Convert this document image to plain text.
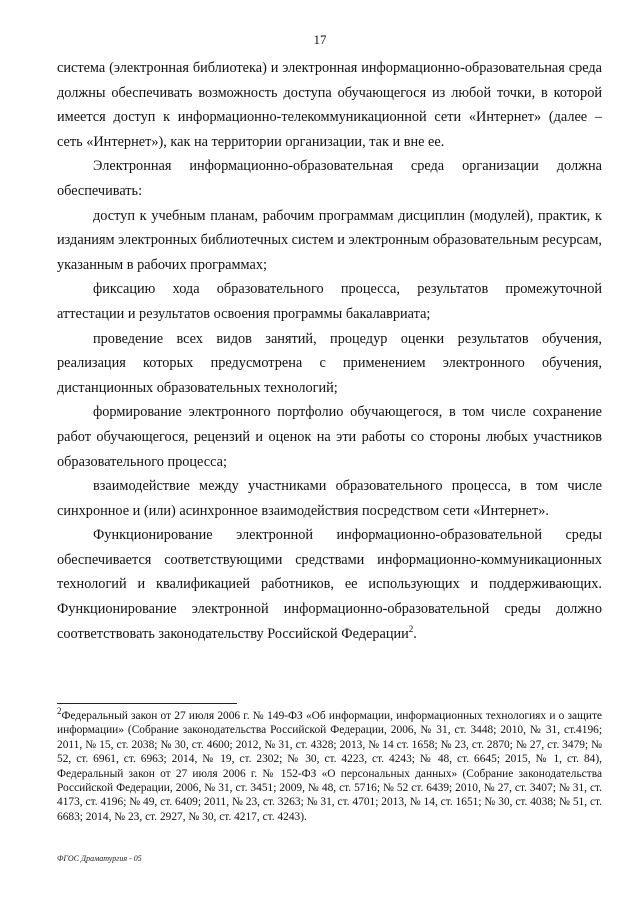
17

система (электронная библиотека) и электронная информационно-образовательная среда должны обеспечивать возможность доступа обучающегося из любой точки, в которой имеется доступ к информационно-телекоммуникационной сети «Интернет» (далее – сеть «Интернет»), как на территории организации, так и вне ее.

Электронная информационно-образовательная среда организации должна обеспечивать:

доступ к учебным планам, рабочим программам дисциплин (модулей), практик, к изданиям электронных библиотечных систем и электронным образовательным ресурсам, указанным в рабочих программах;

фиксацию хода образовательного процесса, результатов промежуточной аттестации и результатов освоения программы бакалавриата;

проведение всех видов занятий, процедур оценки результатов обучения, реализация которых предусмотрена с применением электронного обучения, дистанционных образовательных технологий;

формирование электронного портфолио обучающегося, в том числе сохранение работ обучающегося, рецензий и оценок на эти работы со стороны любых участников образовательного процесса;

взаимодействие между участниками образовательного процесса, в том числе синхронное и (или) асинхронное взаимодействия посредством сети «Интернет».

Функционирование электронной информационно-образовательной среды обеспечивается соответствующими средствами информационно-коммуникационных технологий и квалификацией работников, ее использующих и поддерживающих. Функционирование электронной информационно-образовательной среды должно соответствовать законодательству Российской Федерации$^2$.

$^2$Федеральный закон от 27 июля 2006 г. № 149-ФЗ «Об информации, информационных технологиях и о защите информации» (Собрание законодательства Российской Федерации, 2006, № 31, ст. 3448; 2010, № 31, ст.4196; 2011, № 15, ст. 2038; № 30, ст. 4600; 2012, № 31, ст. 4328; 2013, № 14 ст. 1658; № 23, ст. 2870; № 27, ст. 3479; № 52, ст. 6961, ст. 6963; 2014, № 19, ст. 2302; № 30, ст. 4223, ст. 4243; № 48, ст. 6645; 2015, № 1, ст. 84), Федеральный закон от 27 июля 2006 г. № 152-ФЗ «О персональных данных» (Собрание законодательства Российской Федерации, 2006, № 31, ст. 3451; 2009, № 48, ст. 5716; № 52 ст. 6439; 2010, № 27, ст. 3407; № 31, ст. 4173, ст. 4196; № 49, ст. 6409; 2011, № 23, ст. 3263; № 31, ст. 4701; 2013, № 14, ст. 1651; № 30, ст. 4038; № 51, ст. 6683; 2014, № 23, ст. 2927, № 30, ст. 4217, ст. 4243).

ФГОС Драматургия - 05
